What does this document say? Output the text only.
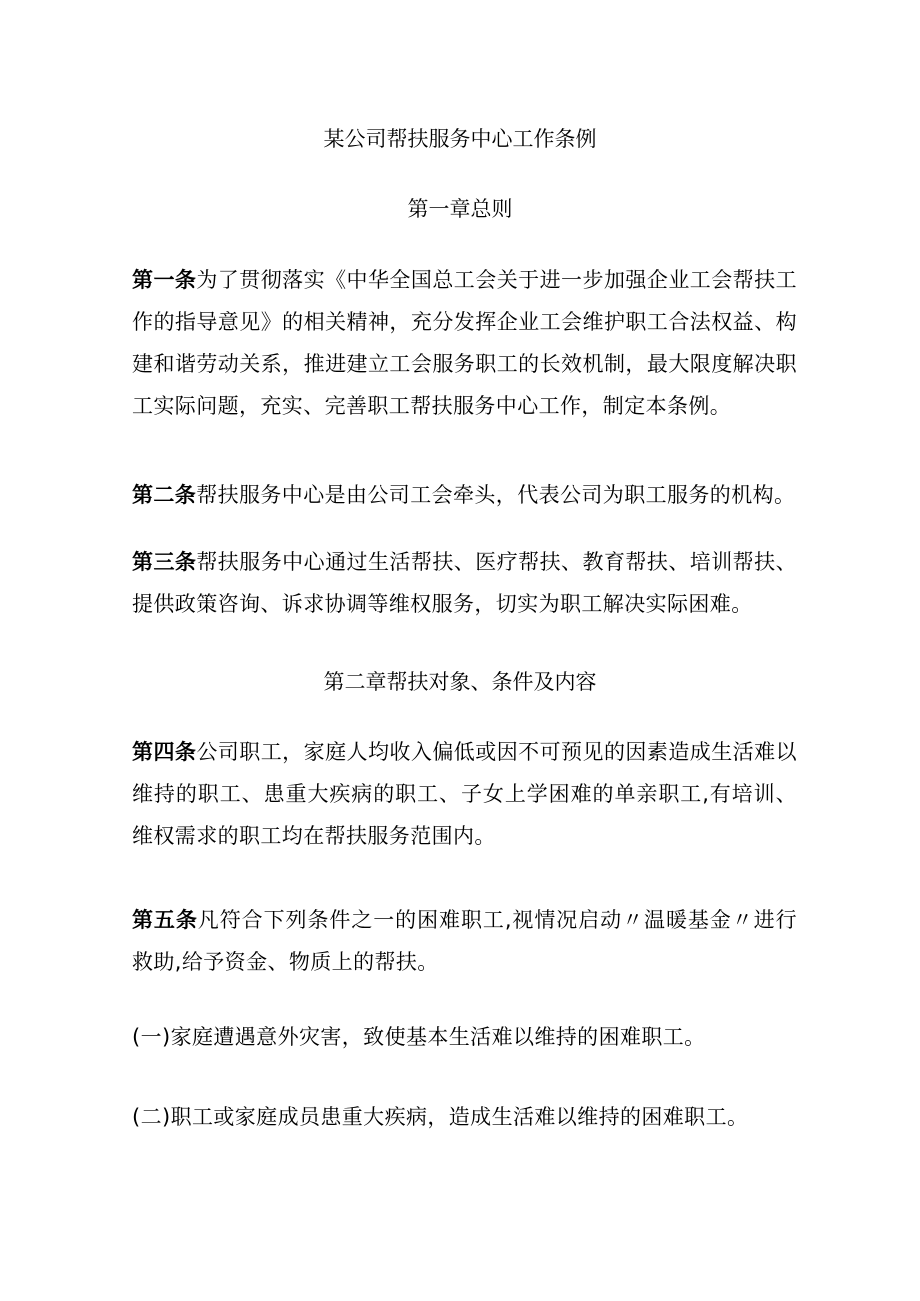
某公司帮扶服务中心工作条例
第一章总则

第一条为了贯彻落实《中华全国总工会关于进一步加强企业工会帮扶工作的指导意见》的相关精神，充分发挥企业工会维护职工合法权益、构建和谐劳动关系，推进建立工会服务职工的长效机制，最大限度解决职工实际问题，充实、完善职工帮扶服务中心工作，制定本条例。

第二条帮扶服务中心是由公司工会牵头，代表公司为职工服务的机构。

第三条帮扶服务中心通过生活帮扶、医疗帮扶、教育帮扶、培训帮扶、提供政策咨询、诉求协调等维权服务，切实为职工解决实际困难。

第二章帮扶对象、条件及内容

第四条公司职工，家庭人均收入偏低或因不可预见的因素造成生活难以维持的职工、患重大疾病的职工、子女上学困难的单亲职工,有培训、维权需求的职工均在帮扶服务范围内。

第五条凡符合下列条件之一的困难职工,视情况启动〃温暖基金〃进行救助,给予资金、物质上的帮扶。

(一)家庭遭遇意外灾害，致使基本生活难以维持的困难职工。

(二)职工或家庭成员患重大疾病，造成生活难以维持的困难职工。
